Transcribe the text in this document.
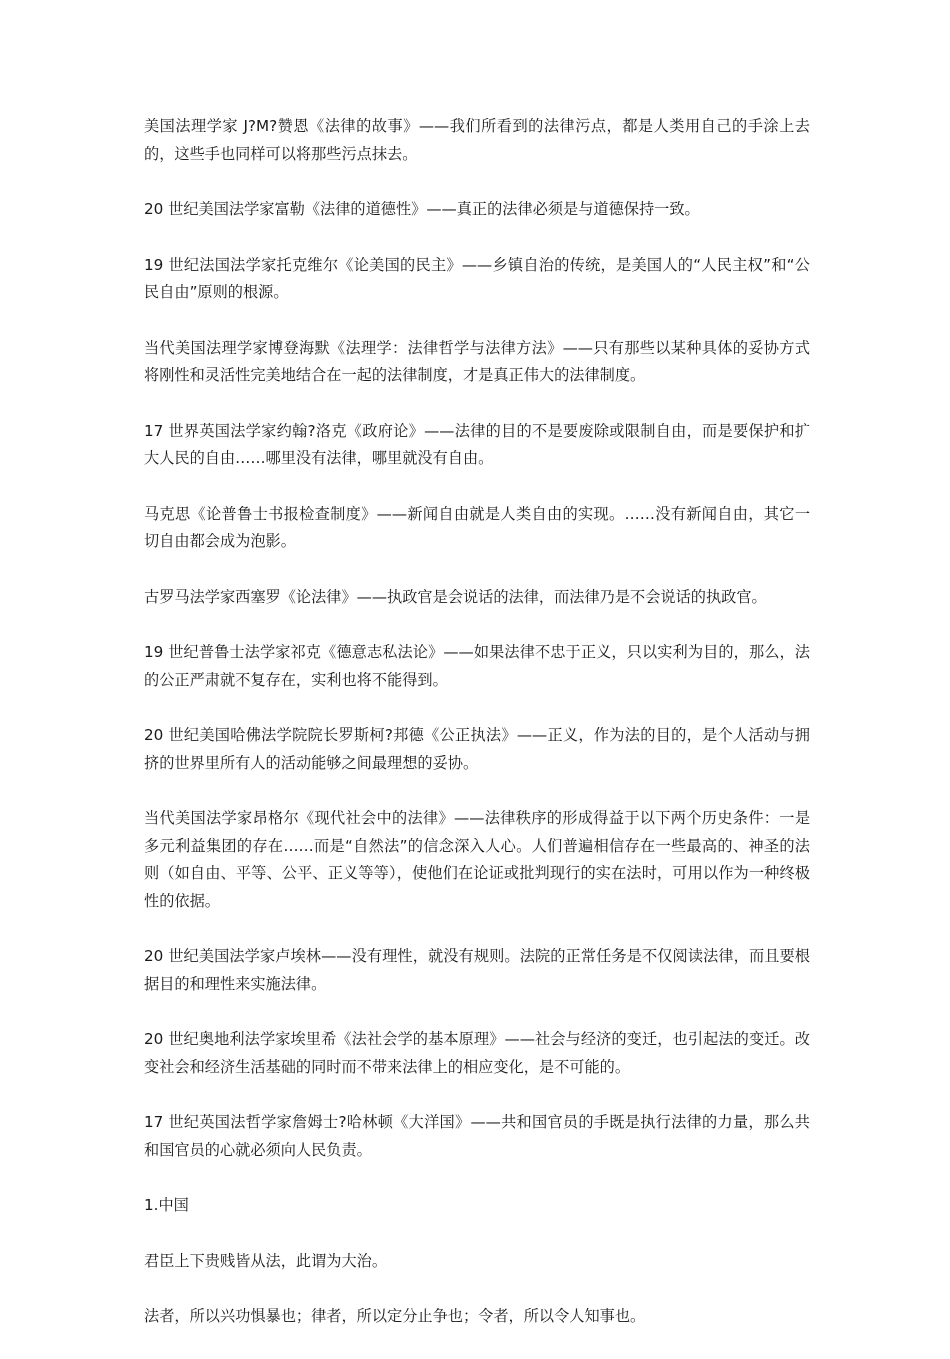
美国法理学家 J?M?赞恩《法律的故事》——我们所看到的法律污点，都是人类用自己的手涂上去的，这些手也同样可以将那些污点抹去。

20 世纪美国法学家富勒《法律的道德性》——真正的法律必须是与道德保持一致。

19 世纪法国法学家托克维尔《论美国的民主》——乡镇自治的传统，是美国人的“人民主权”和“公民自由”原则的根源。

当代美国法理学家博登海默《法理学：法律哲学与法律方法》——只有那些以某种具体的妥协方式将刚性和灵活性完美地结合在一起的法律制度，才是真正伟大的法律制度。

17 世界英国法学家约翰?洛克《政府论》——法律的目的不是要废除或限制自由，而是要保护和扩大人民的自由……哪里没有法律，哪里就没有自由。

马克思《论普鲁士书报检查制度》——新闻自由就是人类自由的实现。……没有新闻自由，其它一切自由都会成为泡影。

古罗马法学家西塞罗《论法律》——执政官是会说话的法律，而法律乃是不会说话的执政官。

19 世纪普鲁士法学家祁克《德意志私法论》——如果法律不忠于正义，只以实利为目的，那么，法的公正严肃就不复存在，实利也将不能得到。

20 世纪美国哈佛法学院院长罗斯柯?邦德《公正执法》——正义，作为法的目的，是个人活动与拥挤的世界里所有人的活动能够之间最理想的妥协。

当代美国法学家昂格尔《现代社会中的法律》——法律秩序的形成得益于以下两个历史条件：一是多元利益集团的存在……而是“自然法”的信念深入人心。人们普遍相信存在一些最高的、神圣的法则（如自由、平等、公平、正义等等），使他们在论证或批判现行的实在法时，可用以作为一种终极性的依据。

20 世纪美国法学家卢埃林——没有理性，就没有规则。法院的正常任务是不仅阅读法律，而且要根据目的和理性来实施法律。

20 世纪奥地利法学家埃里希《法社会学的基本原理》——社会与经济的变迁，也引起法的变迁。改变社会和经济生活基础的同时而不带来法律上的相应变化，是不可能的。

17 世纪英国法哲学家詹姆士?哈林顿《大洋国》——共和国官员的手既是执行法律的力量，那么共和国官员的心就必须向人民负责。

1.中国

君臣上下贵贱皆从法，此谓为大治。

法者，所以兴功惧暴也；律者，所以定分止争也；令者，所以令人知事也。
